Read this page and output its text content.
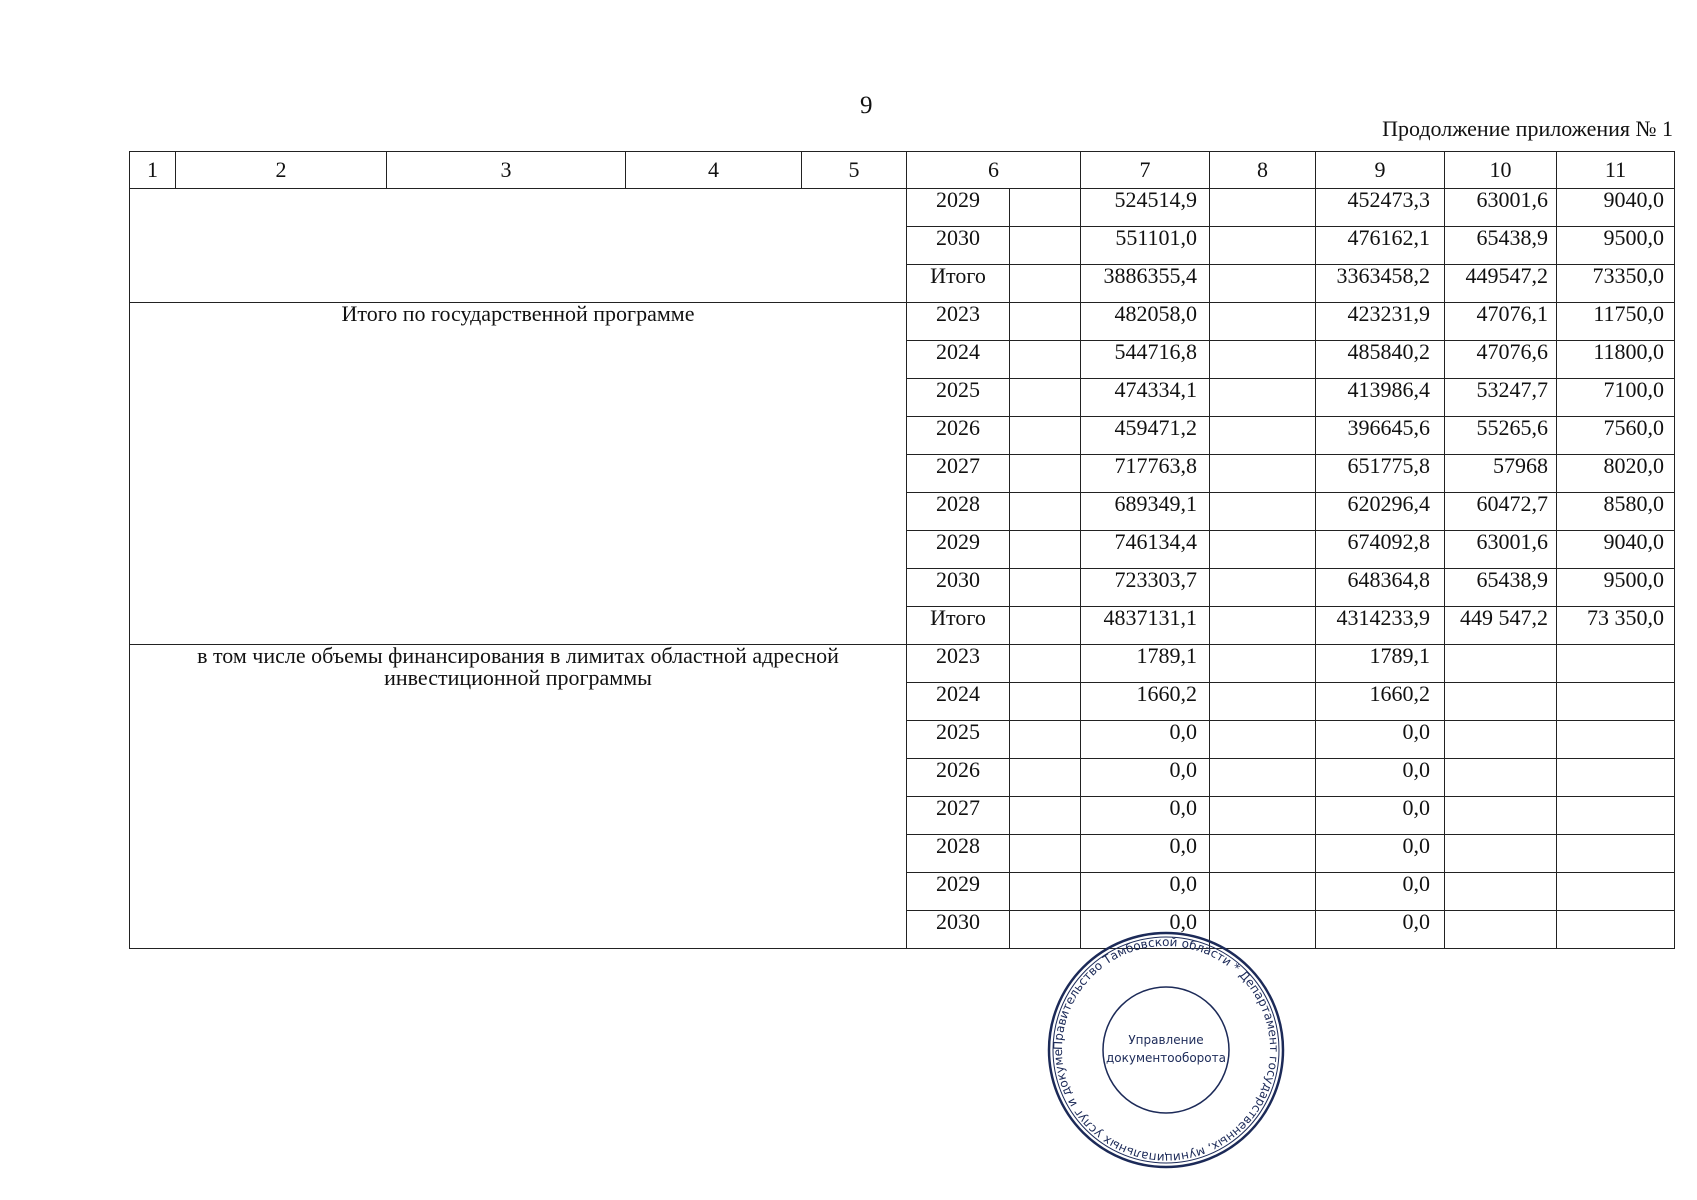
9
Продолжение приложения № 1
1	2	3	4	5	6		7	8	9	10	11
					2029		524514,9		452473,3	63001,6	9040,0
					2030		551101,0		476162,1	65438,9	9500,0
					Итого		3886355,4		3363458,2	449547,2	73350,0
Итого по государственной программе					2023		482058,0		423231,9	47076,1	11750,0
					2024		544716,8		485840,2	47076,6	11800,0
					2025		474334,1		413986,4	53247,7	7100,0
					2026		459471,2		396645,6	55265,6	7560,0
					2027		717763,8		651775,8	57968	8020,0
					2028		689349,1		620296,4	60472,7	8580,0
					2029		746134,4		674092,8	63001,6	9040,0
					2030		723303,7		648364,8	65438,9	9500,0
					Итого		4837131,1		4314233,9	449 547,2	73 350,0
в том числе объемы финансирования в лимитах областной адресной инвестиционной программы					2023		1789,1		1789,1		
					2024		1660,2		1660,2		
					2025		0,0		0,0		
					2026		0,0		0,0		
					2027		0,0		0,0		
					2028		0,0		0,0		
					2029		0,0		0,0		
					2030		0,0		0,0		
Правительство Тамбовской области * Департамент государственных, муниципальных услуг и докуме
Управление
документооборота
